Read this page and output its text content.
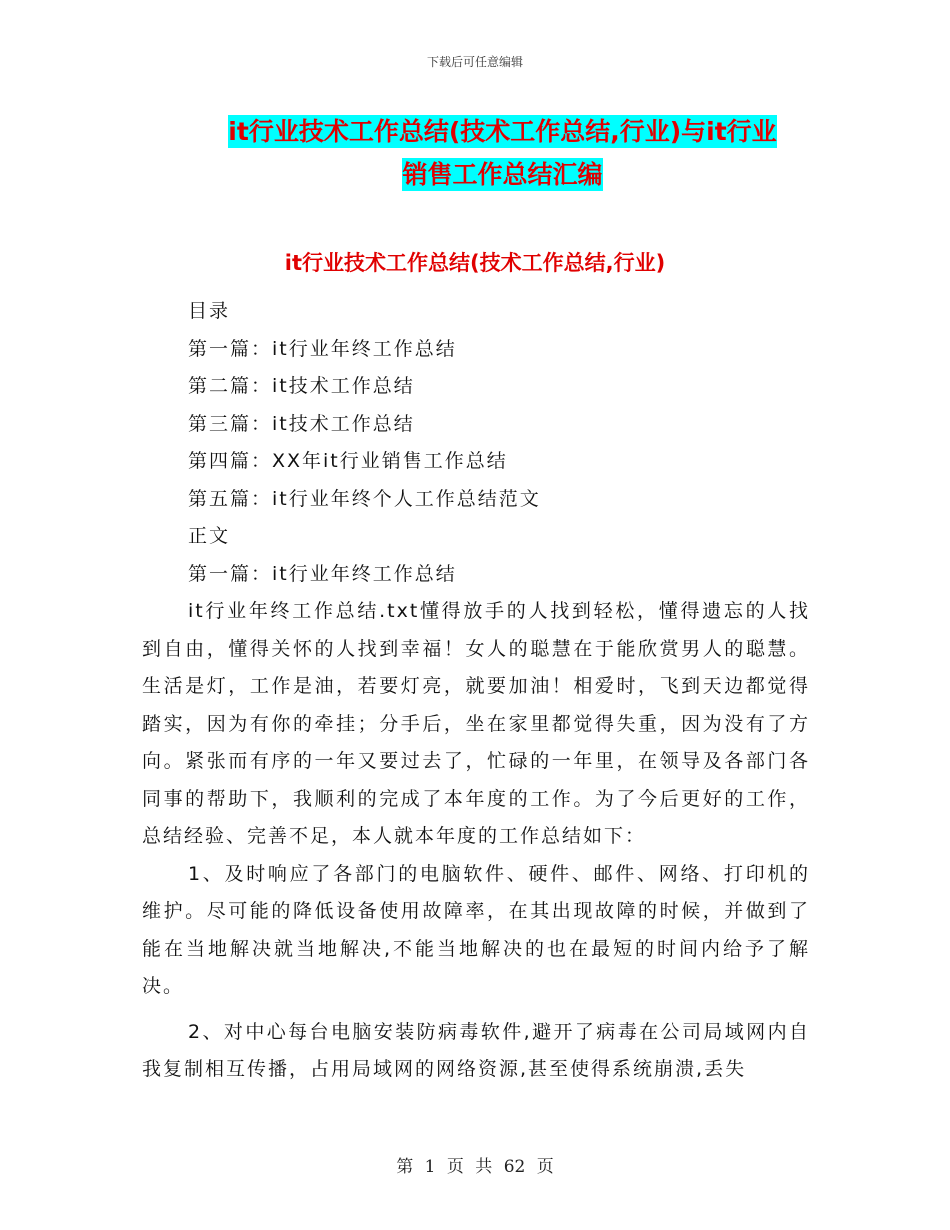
下载后可任意编辑
it行业技术工作总结(技术工作总结,行业)与it行业
销售工作总结汇编
it行业技术工作总结(技术工作总结,行业)
目录
第一篇：it行业年终工作总结
第二篇：it技术工作总结
第三篇：it技术工作总结
第四篇：XX年it行业销售工作总结
第五篇：it行业年终个人工作总结范文
正文
第一篇：it行业年终工作总结

it行业年终工作总结.txt懂得放手的人找到轻松，懂得遗忘的人找到自由，懂得关怀的人找到幸福！女人的聪慧在于能欣赏男人的聪慧。生活是灯，工作是油，若要灯亮，就要加油！相爱时，飞到天边都觉得踏实，因为有你的牵挂；分手后，坐在家里都觉得失重，因为没有了方向。紧张而有序的一年又要过去了，忙碌的一年里，在领导及各部门各同事的帮助下，我顺利的完成了本年度的工作。为了今后更好的工作，总结经验、完善不足，本人就本年度的工作总结如下：

1、及时响应了各部门的电脑软件、硬件、邮件、网络、打印机的维护。尽可能的降低设备使用故障率，在其出现故障的时候，并做到了能在当地解决就当地解决,不能当地解决的也在最短的时间内给予了解决。

2、对中心每台电脑安装防病毒软件,避开了病毒在公司局域网内自我复制相互传播，占用局域网的网络资源,甚至使得系统崩溃,丢失

第 1 页 共 62 页
